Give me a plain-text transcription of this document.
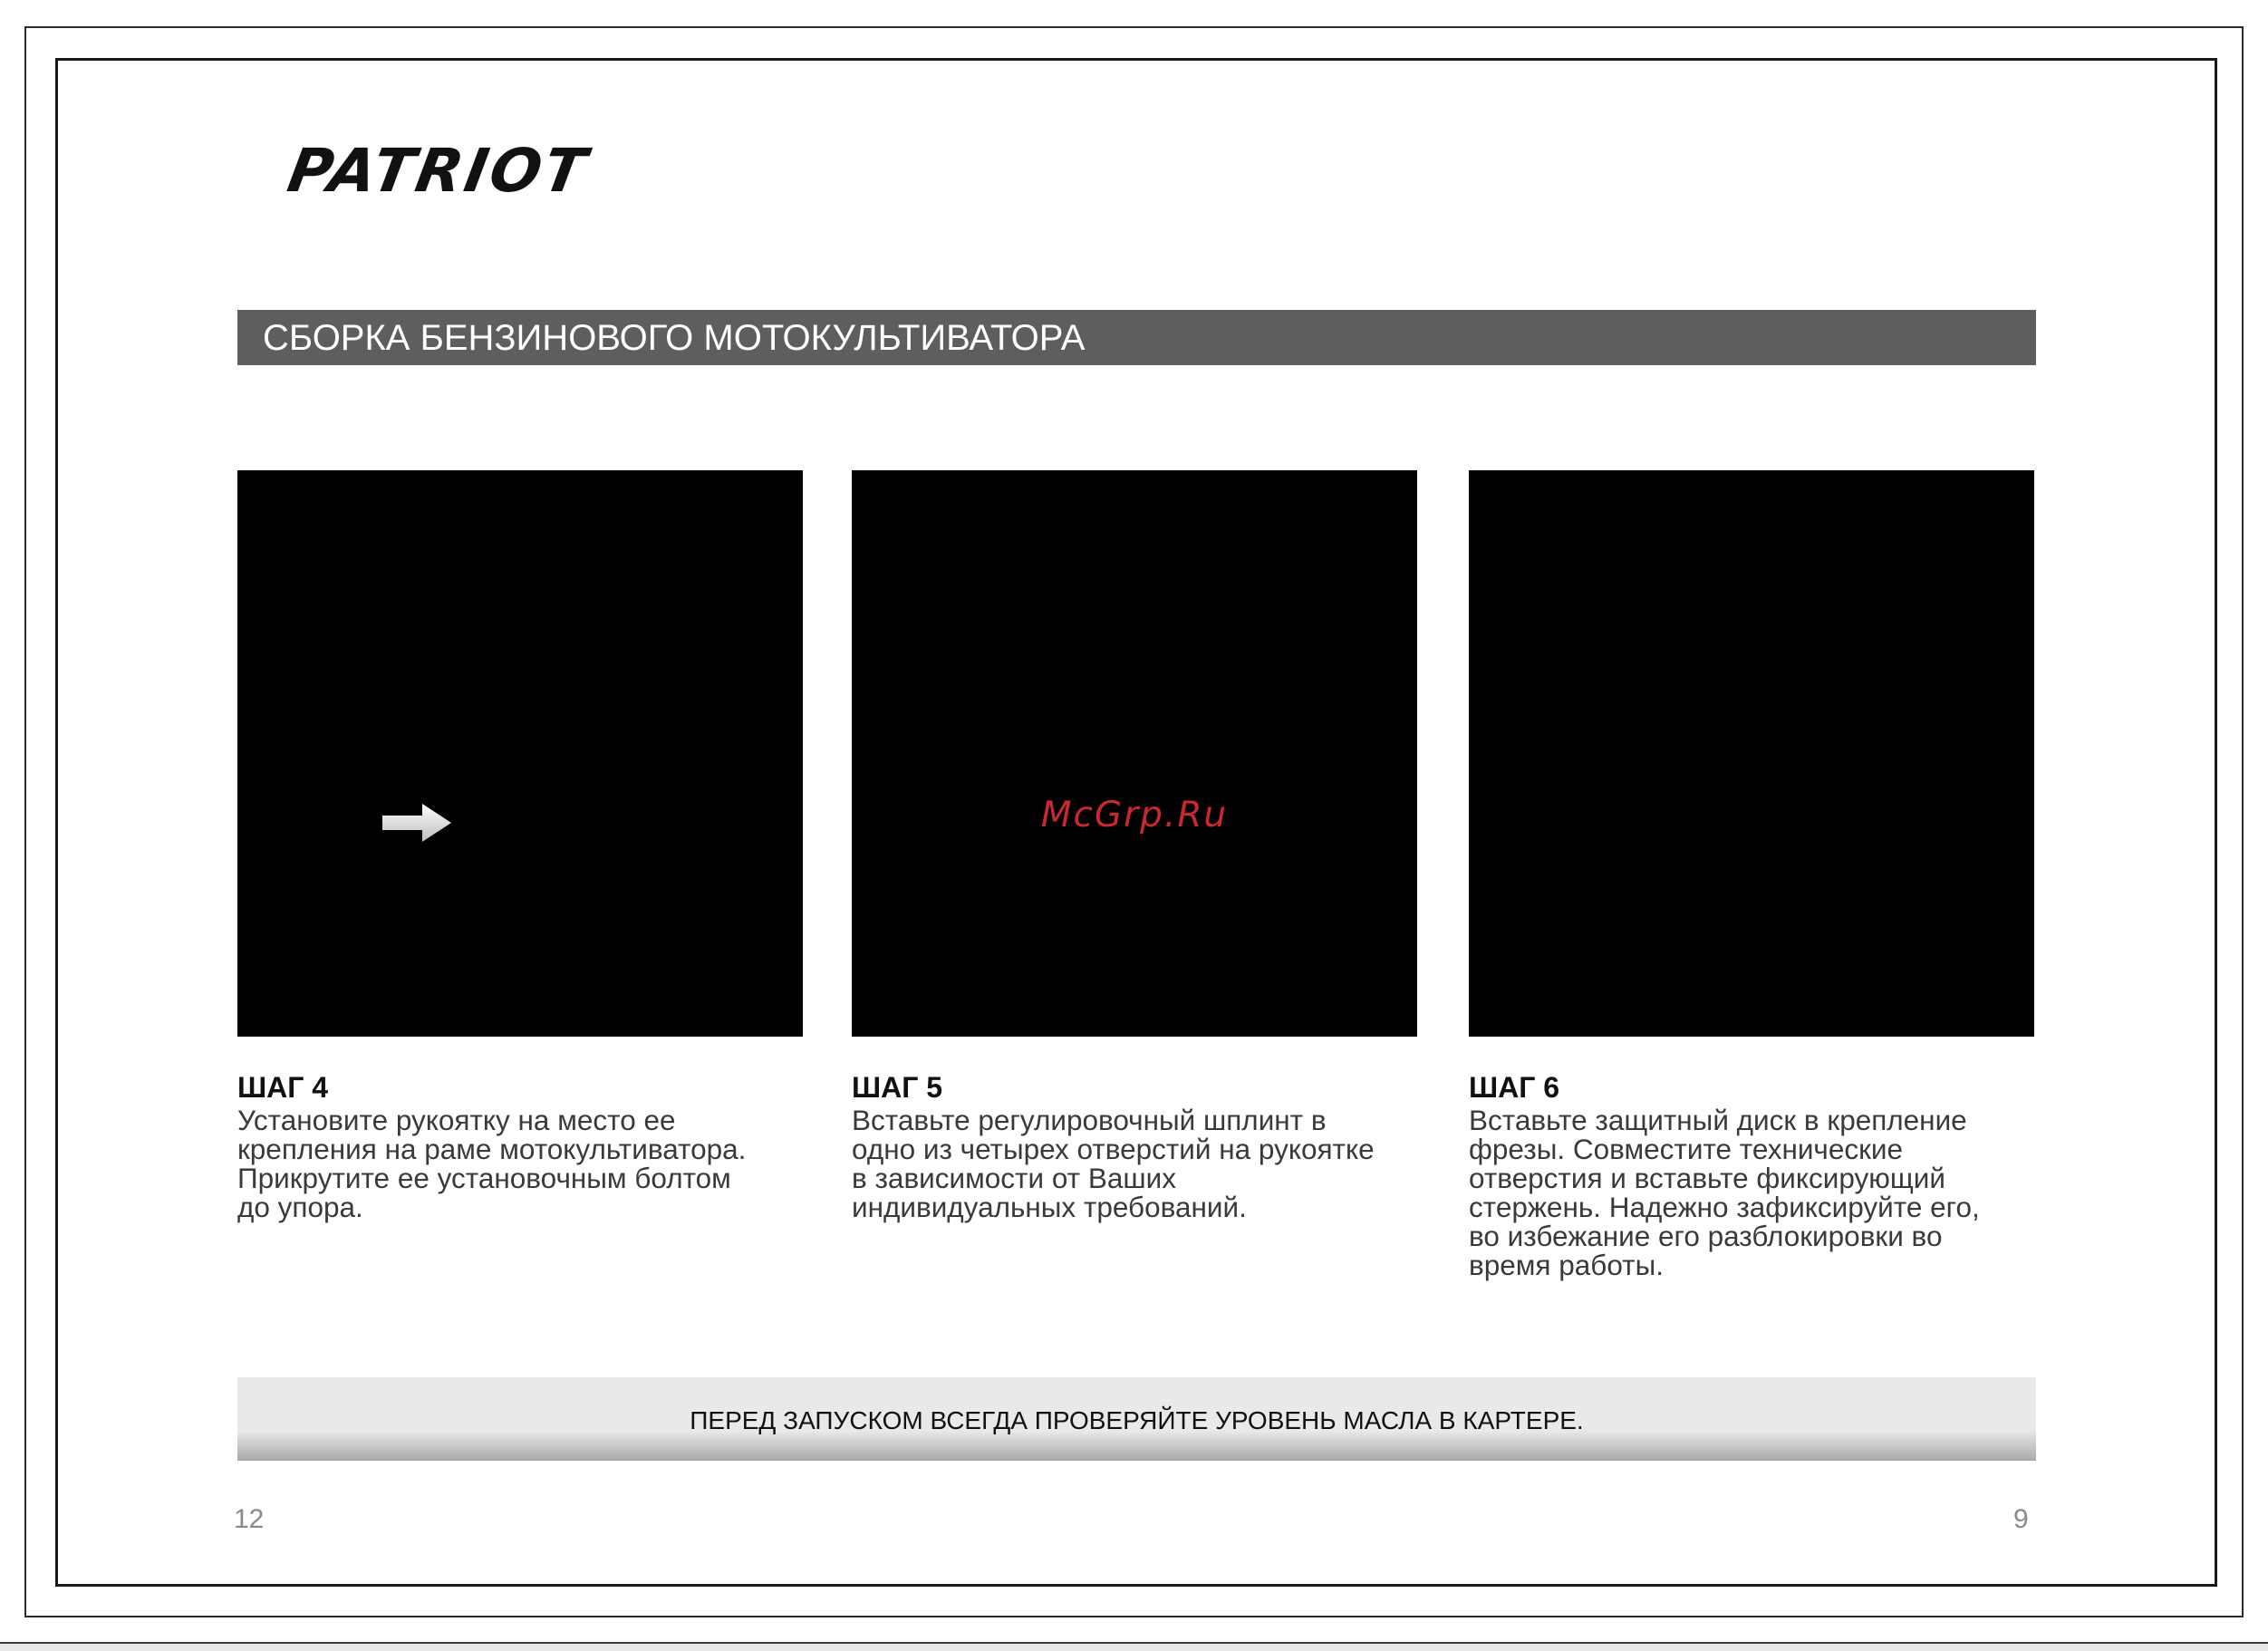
PATRIOT
СБОРКА БЕНЗИНОВОГО МОТОКУЛЬТИВАТОРА
ШАГ 4
Установите рукоятку на место ее
крепления на раме мотокультиватора.
Прикрутите ее установочным болтом
до упора.
McGrp.Ru
ШАГ 5
Вставьте регулировочный шплинт в
одно из четырех отверстий на рукоятке
в зависимости от Ваших
индивидуальных требований.
ШАГ 6
Вставьте защитный диск в крепление
фрезы. Совместите технические
отверстия и вставьте фиксирующий
стержень. Надежно зафиксируйте его,
во избежание его разблокировки во
время работы.
ПЕРЕД ЗАПУСКОМ ВСЕГДА ПРОВЕРЯЙТЕ УРОВЕНЬ МАСЛА В КАРТЕРЕ.
12	9
